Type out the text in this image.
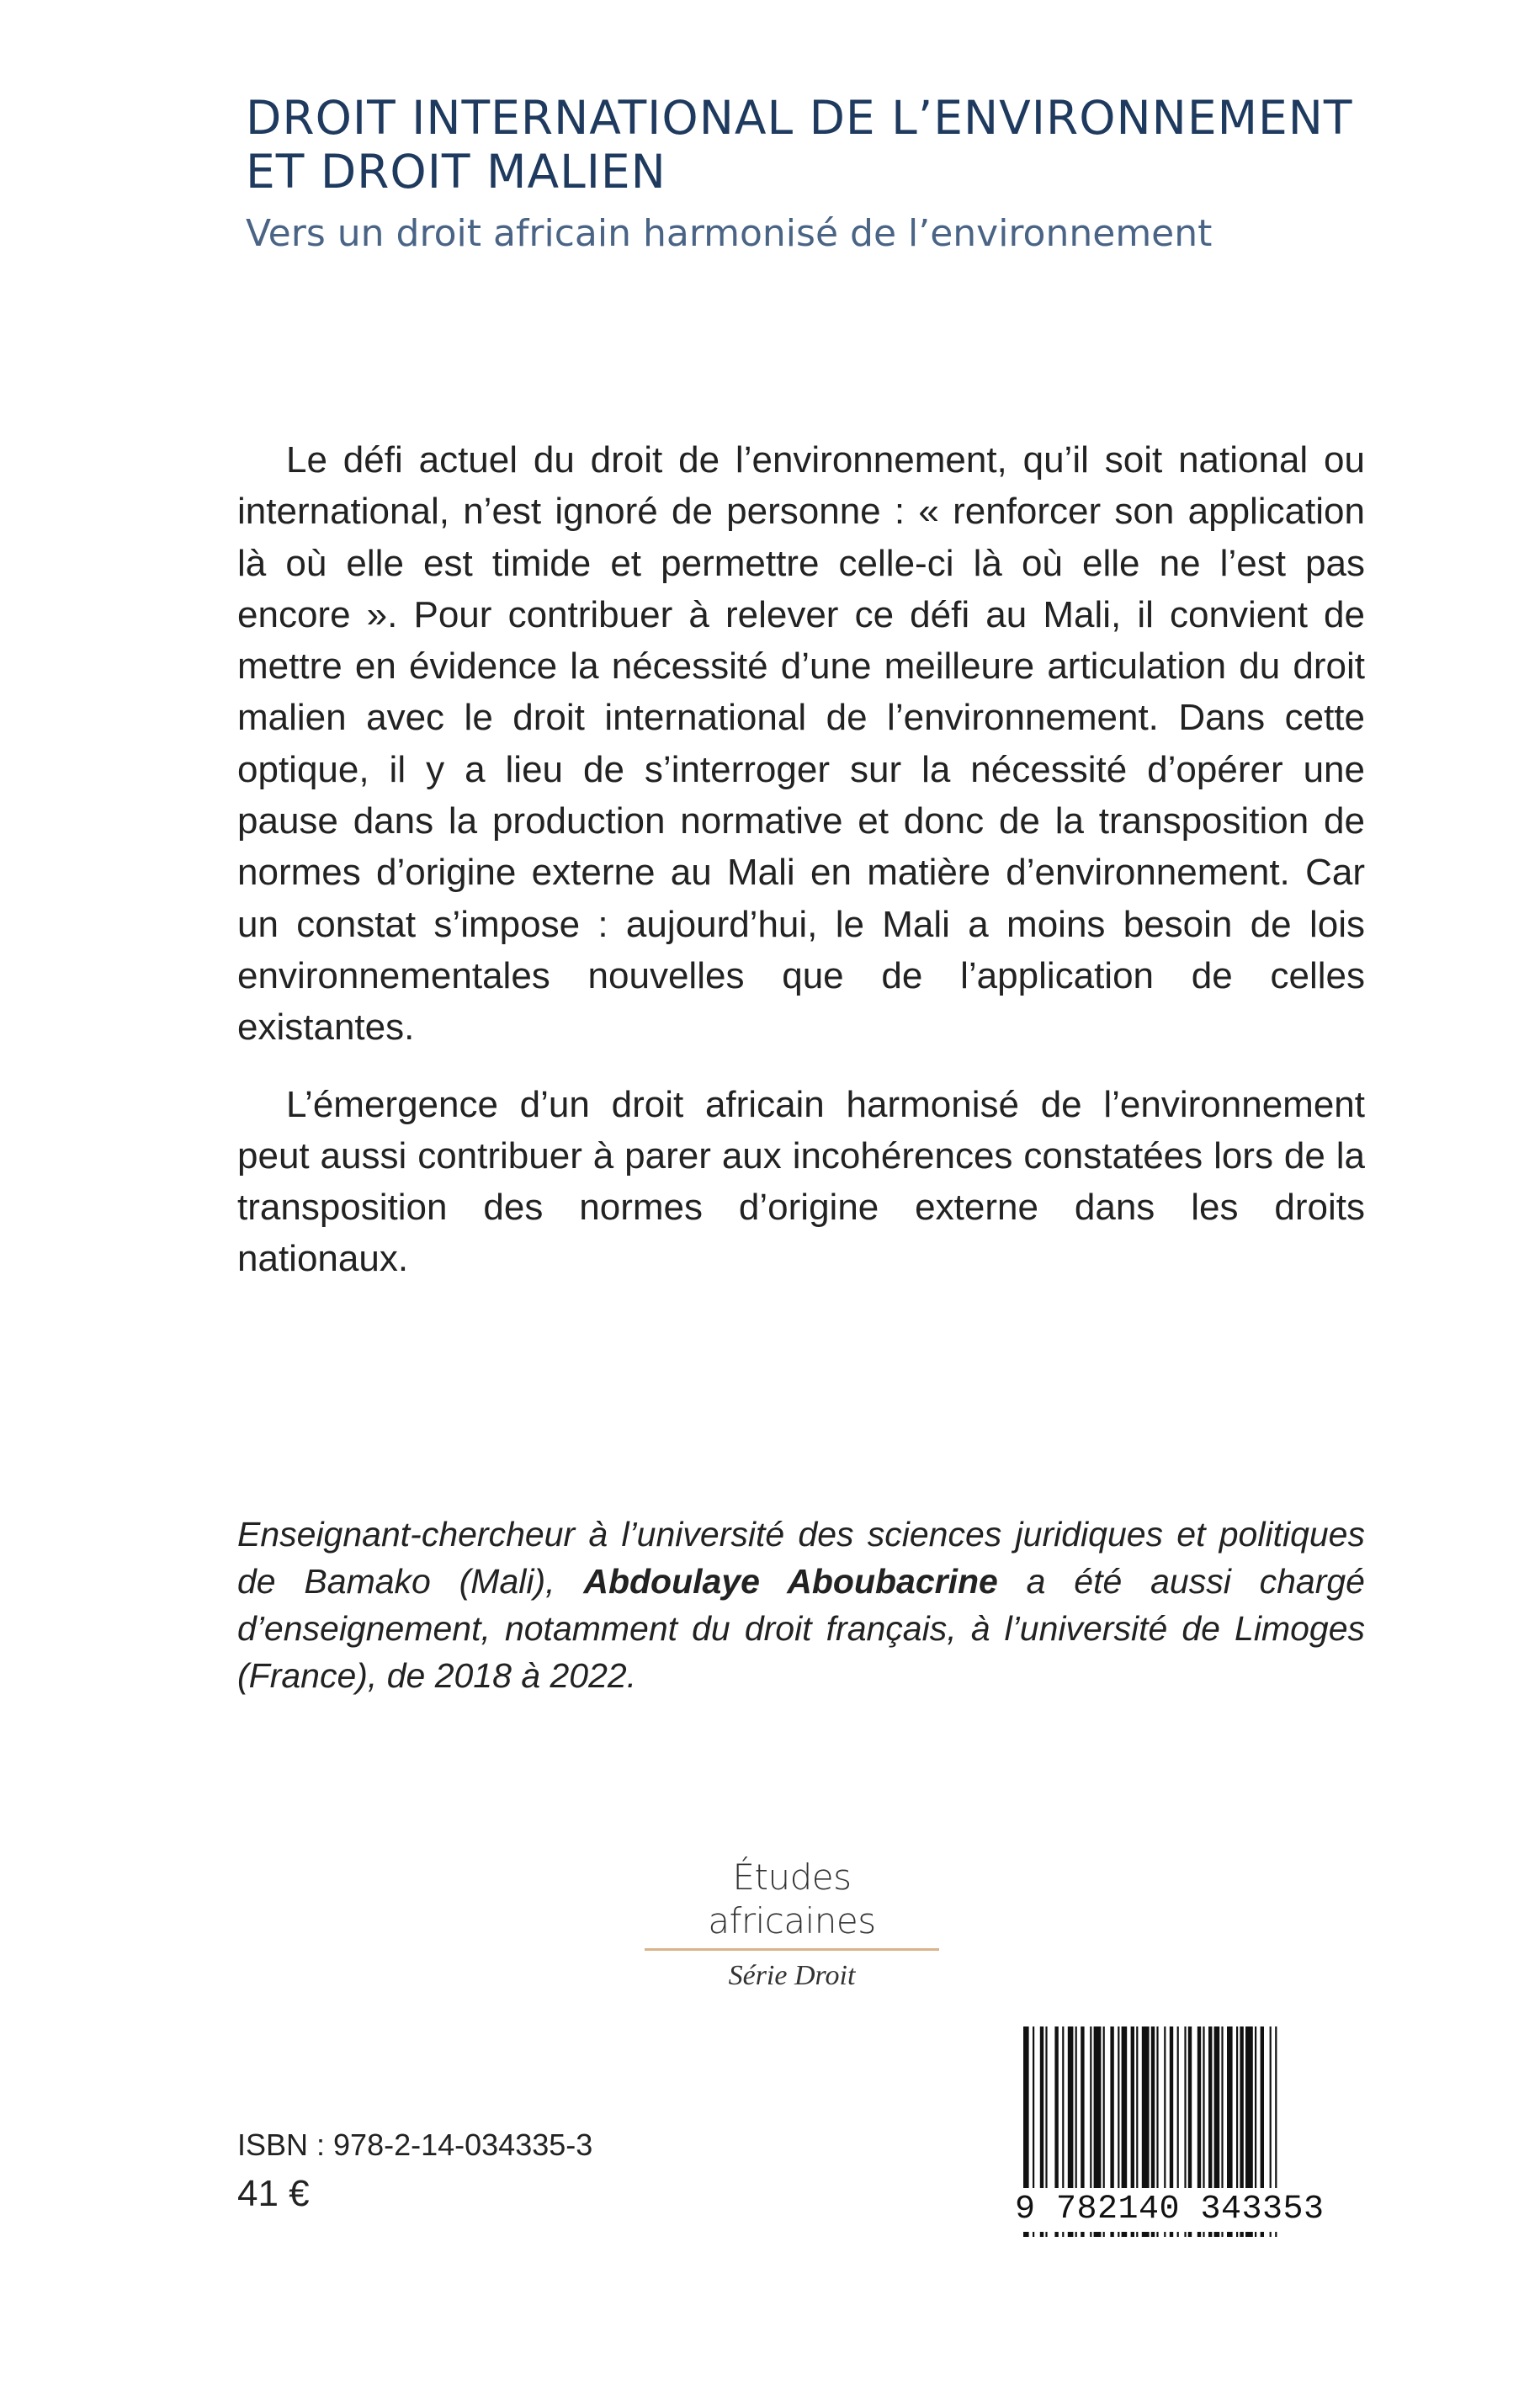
DROIT INTERNATIONAL DE L’ENVIRONNEMENT
ET DROIT MALIEN
Vers un droit africain harmonisé de l’environnement

Le défi actuel du droit de l’environnement, qu’il soit national ou international, n’est ignoré de personne : « renforcer son application là où elle est timide et permettre celle-ci là où elle ne l’est pas encore ». Pour contribuer à relever ce défi au Mali, il convient de mettre en évidence la nécessité d’une meilleure articulation du droit malien avec le droit international de l’environnement. Dans cette optique, il y a lieu de s’interroger sur la nécessité d’opérer une pause dans la production normative et donc de la transposition de normes d’origine externe au Mali en matière d’environnement. Car un constat s’impose : aujourd’hui, le Mali a moins besoin de lois environnementales nouvelles que de l’application de celles existantes.

L’émergence d’un droit africain harmonisé de l’environnement peut aussi contribuer à parer aux incohérences constatées lors de la transposition des normes d’origine externe dans les droits nationaux.

Enseignant-chercheur à l’université des sciences juridiques et politiques de Bamako (Mali), Abdoulaye Aboubacrine a été aussi chargé d’enseignement, notamment du droit français, à l’université de Limoges (France), de 2018 à 2022.
Études africaines
Série Droit
ISBN : 978-2-14-034335-3
41 €	9 782140 343353
